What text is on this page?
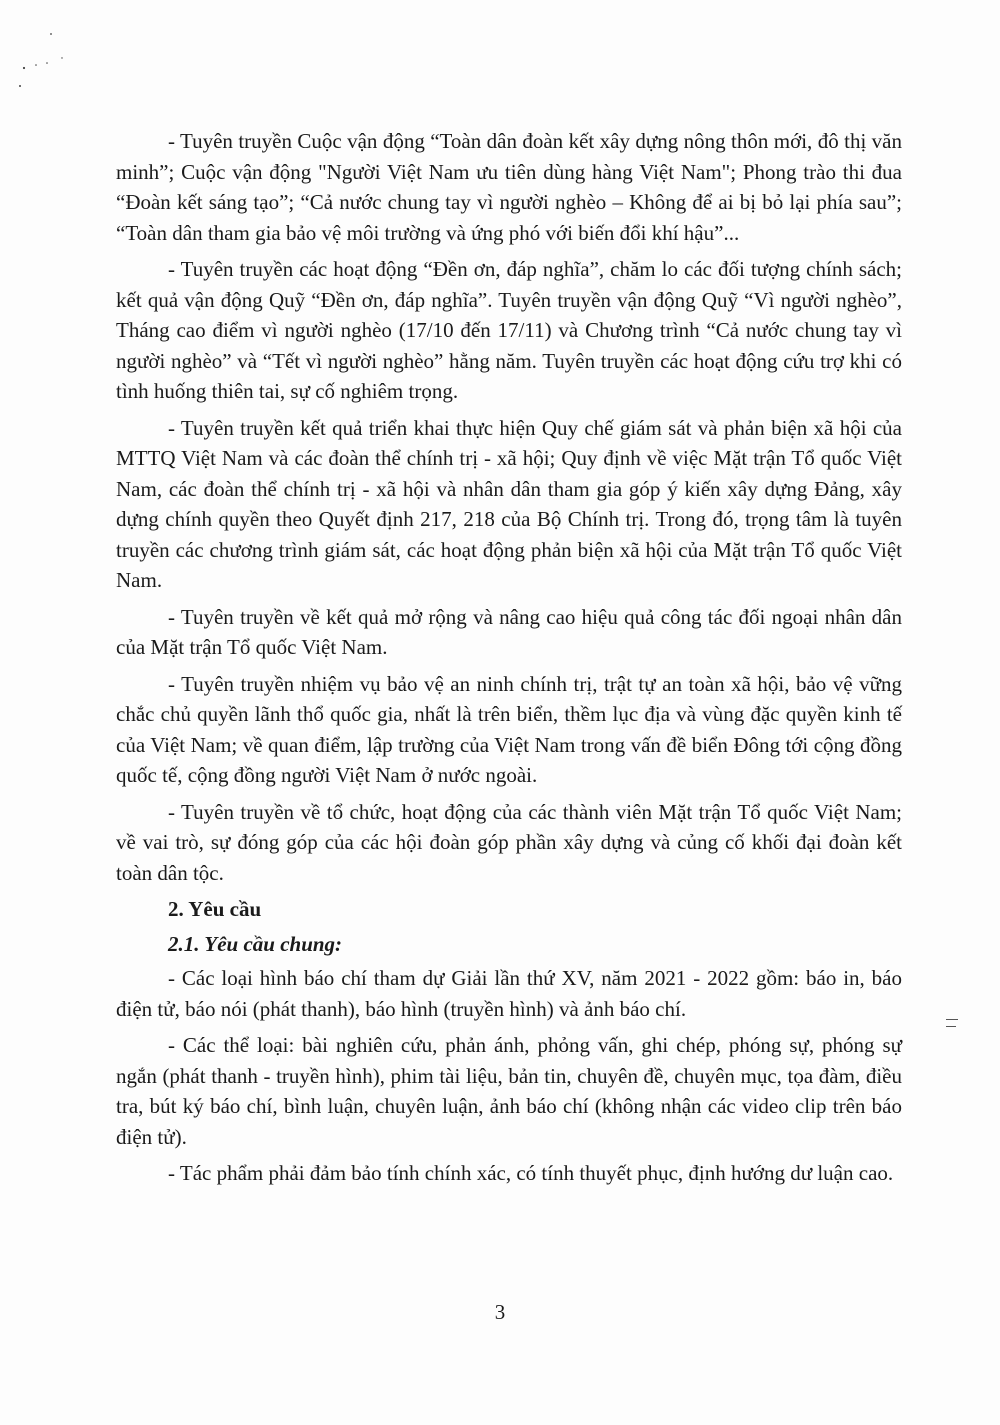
- Tuyên truyền Cuộc vận động “Toàn dân đoàn kết xây dựng nông thôn mới, đô thị văn minh”; Cuộc vận động "Người Việt Nam ưu tiên dùng hàng Việt Nam"; Phong trào thi đua “Đoàn kết sáng tạo”; “Cả nước chung tay vì người nghèo – Không để ai bị bỏ lại phía sau”; “Toàn dân tham gia bảo vệ môi trường và ứng phó với biến đổi khí hậu”...

- Tuyên truyền các hoạt động “Đền ơn, đáp nghĩa”, chăm lo các đối tượng chính sách; kết quả vận động Quỹ “Đền ơn, đáp nghĩa”. Tuyên truyền vận động Quỹ “Vì người nghèo”, Tháng cao điểm vì người nghèo (17/10 đến 17/11) và Chương trình “Cả nước chung tay vì người nghèo” và “Tết vì người nghèo” hằng năm. Tuyên truyền các hoạt động cứu trợ khi có tình huống thiên tai, sự cố nghiêm trọng.

- Tuyên truyền kết quả triển khai thực hiện Quy chế giám sát và phản biện xã hội của MTTQ Việt Nam và các đoàn thể chính trị - xã hội; Quy định về việc Mặt trận Tổ quốc Việt Nam, các đoàn thể chính trị - xã hội và nhân dân tham gia góp ý kiến xây dựng Đảng, xây dựng chính quyền theo Quyết định 217, 218 của Bộ Chính trị. Trong đó, trọng tâm là tuyên truyền các chương trình giám sát, các hoạt động phản biện xã hội của Mặt trận Tổ quốc Việt Nam.

- Tuyên truyền về kết quả mở rộng và nâng cao hiệu quả công tác đối ngoại nhân dân của Mặt trận Tổ quốc Việt Nam.

- Tuyên truyền nhiệm vụ bảo vệ an ninh chính trị, trật tự an toàn xã hội, bảo vệ vững chắc chủ quyền lãnh thổ quốc gia, nhất là trên biển, thềm lục địa và vùng đặc quyền kinh tế của Việt Nam; về quan điểm, lập trường của Việt Nam trong vấn đề biển Đông tới cộng đồng quốc tế, cộng đồng người Việt Nam ở nước ngoài.

- Tuyên truyền về tổ chức, hoạt động của các thành viên Mặt trận Tổ quốc Việt Nam; về vai trò, sự đóng góp của các hội đoàn góp phần xây dựng và củng cố khối đại đoàn kết toàn dân tộc.

2. Yêu cầu
2.1. Yêu cầu chung:

- Các loại hình báo chí tham dự Giải lần thứ XV, năm 2021 - 2022 gồm: báo in, báo điện tử, báo nói (phát thanh), báo hình (truyền hình) và ảnh báo chí.

- Các thể loại: bài nghiên cứu, phản ánh, phỏng vấn, ghi chép, phóng sự, phóng sự ngắn (phát thanh - truyền hình), phim tài liệu, bản tin, chuyên đề, chuyên mục, tọa đàm, điều tra, bút ký báo chí, bình luận, chuyên luận, ảnh báo chí (không nhận các video clip trên báo điện tử).

- Tác phẩm phải đảm bảo tính chính xác, có tính thuyết phục, định hướng dư luận cao.

3
